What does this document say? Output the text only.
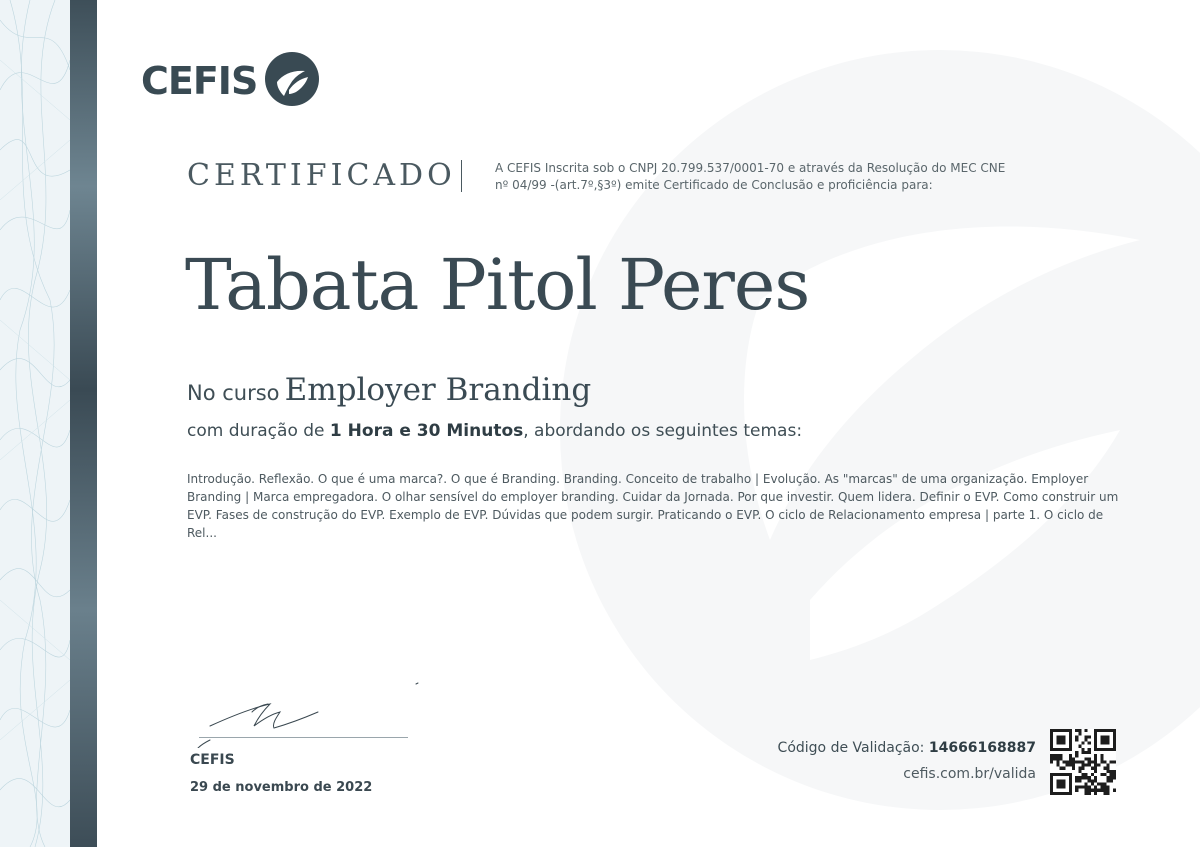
CEFIS
CERTIFICADO	A CEFIS Inscrita sob o CNPJ 20.799.537/0001-70 e através da Resolução do MEC CNE nº 04/99 -(art.7º,§3º) emite Certificado de Conclusão e proficiência para:
Tabata Pitol Peres
No curso Employer Branding
com duração de 1 Hora e 30 Minutos, abordando os seguintes temas:
Introdução. Reflexão. O que é uma marca?. O que é Branding. Branding. Conceito de trabalho | Evolução. As "marcas" de uma organização. Employer Branding | Marca empregadora. O olhar sensível do employer branding. Cuidar da Jornada. Por que investir. Quem lidera. Definir o EVP. Como construir um EVP. Fases de construção do EVP. Exemplo de EVP. Dúvidas que podem surgir. Praticando o EVP. O ciclo de Relacionamento empresa | parte 1. O ciclo de Rel...
CEFIS
29 de novembro de 2022
Código de Validação: 14666168887
cefis.com.br/valida
